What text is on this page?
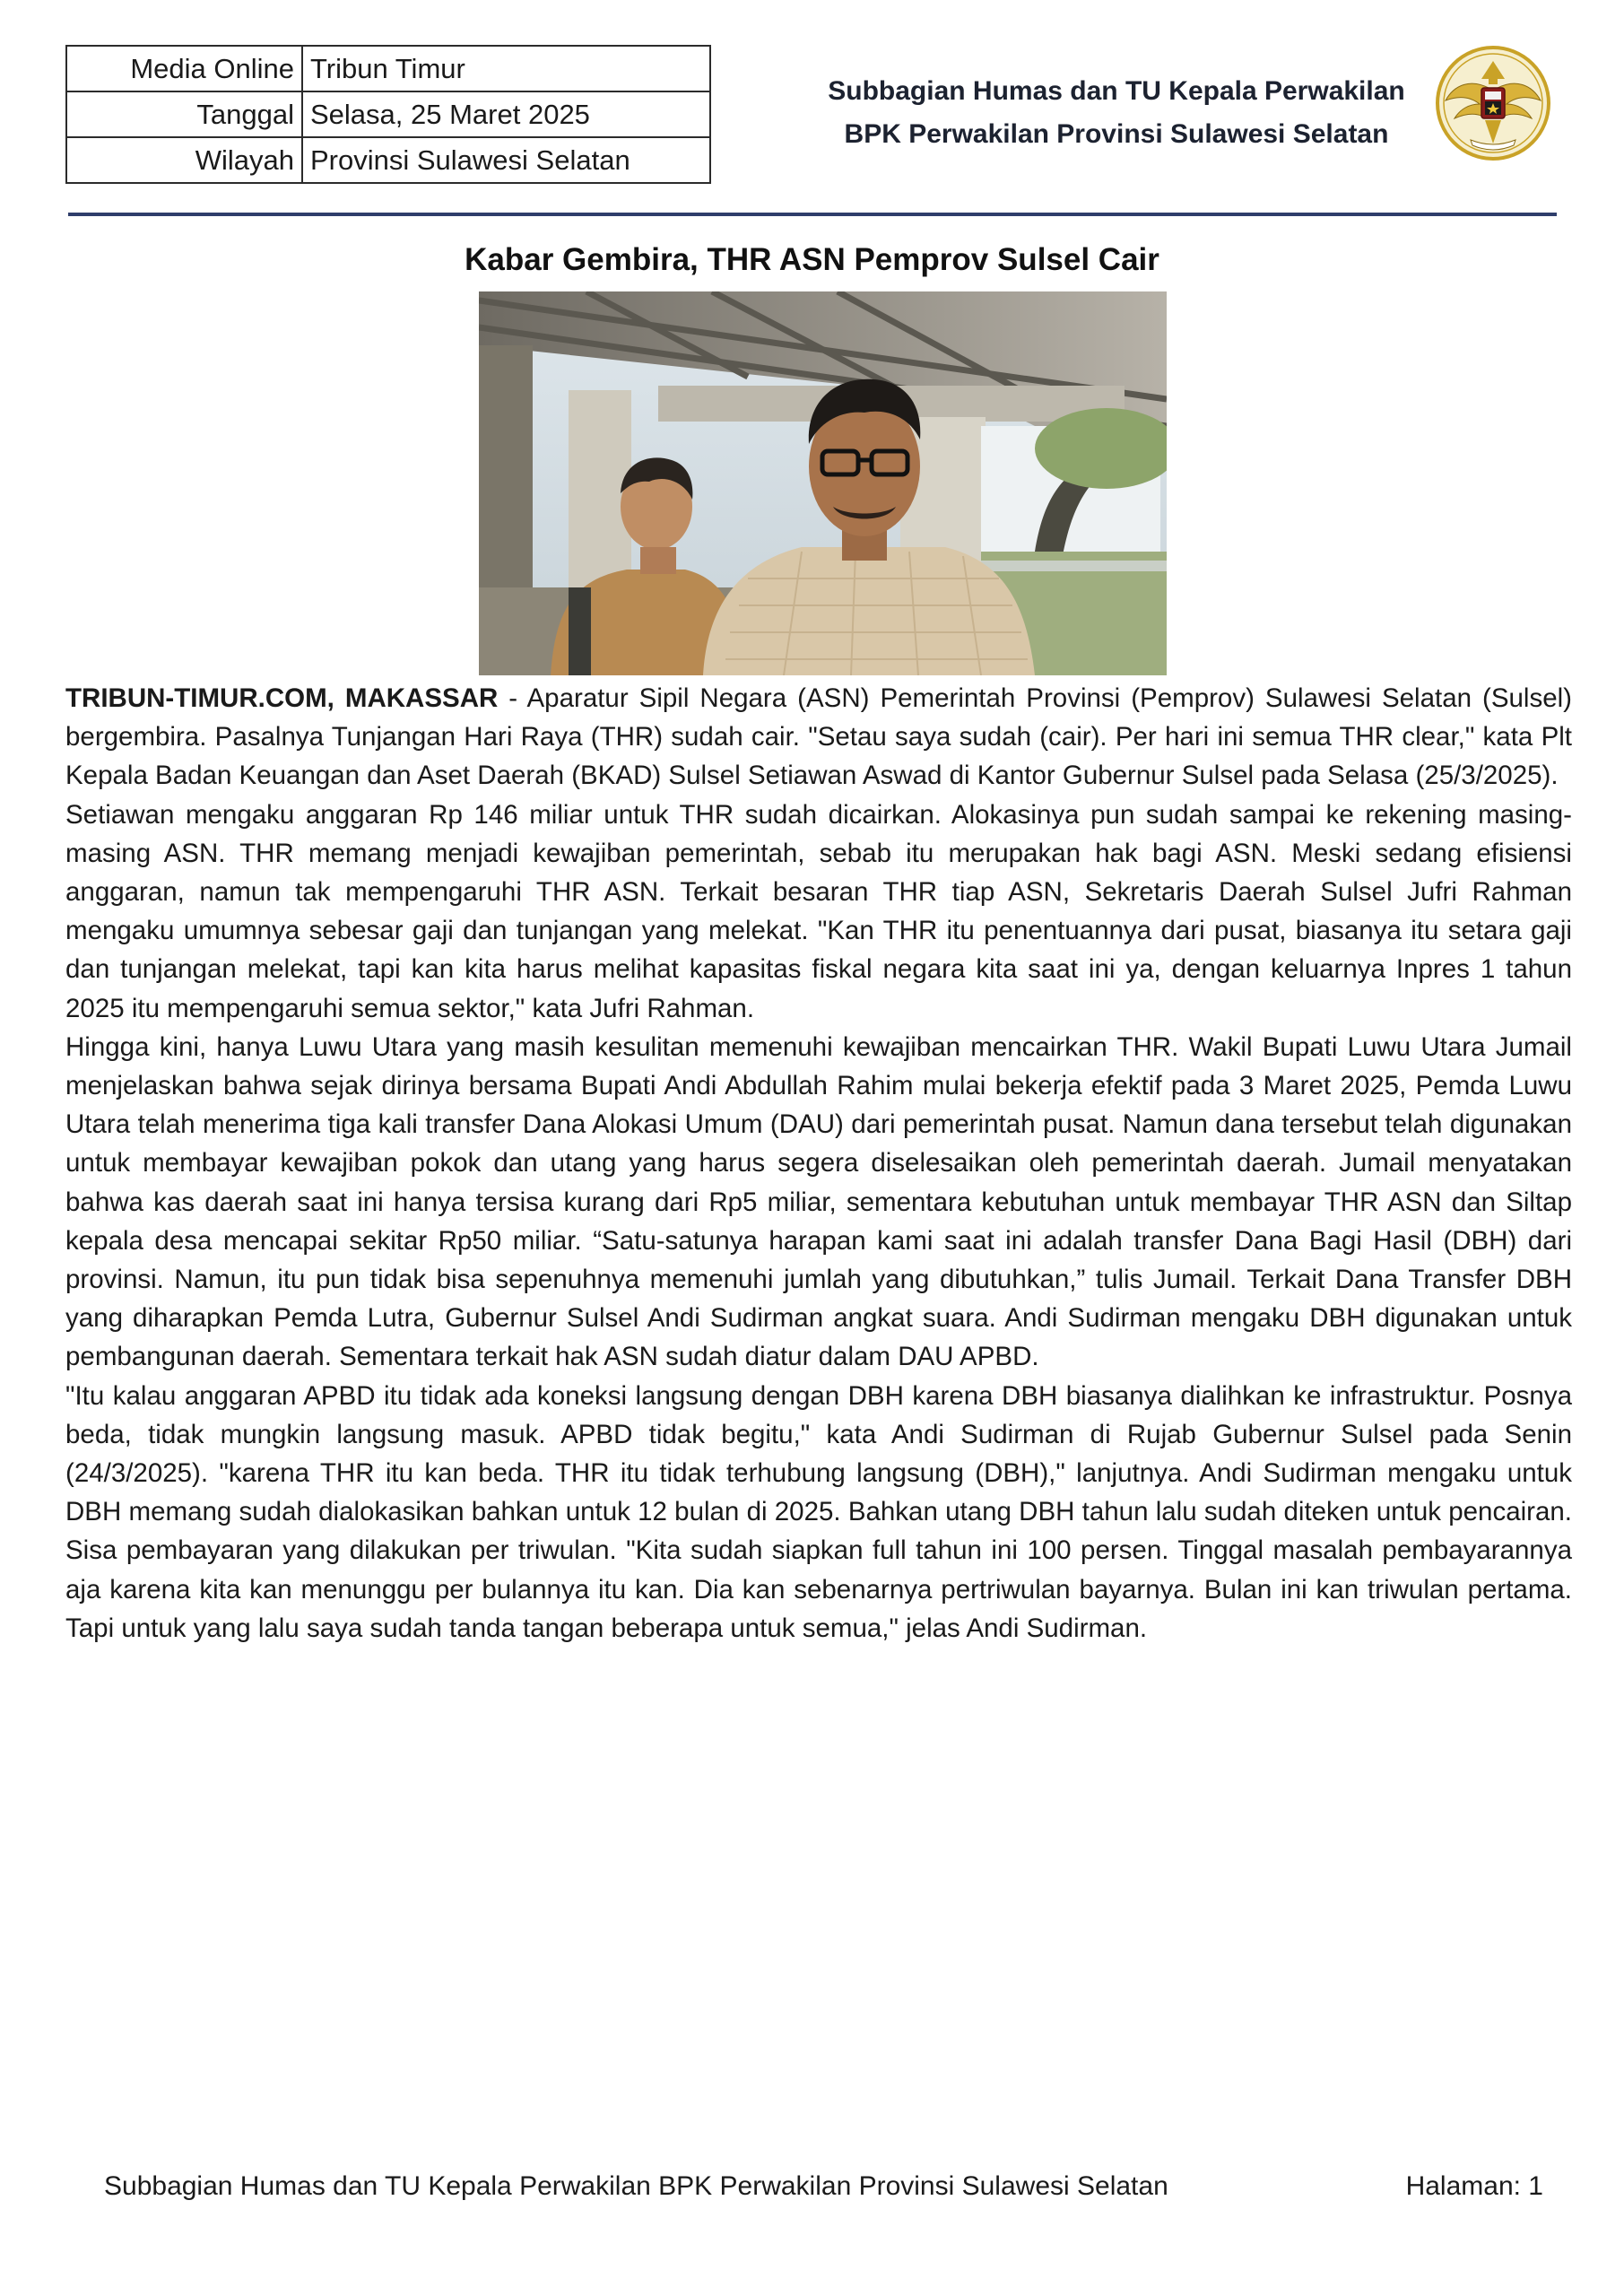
Media Online	Tribun Timur
Tanggal	Selasa, 25 Maret 2025
Wilayah	Provinsi Sulawesi Selatan
Subbagian Humas dan TU Kepala Perwakilan
BPK Perwakilan Provinsi Sulawesi Selatan
Kabar Gembira, THR ASN Pemprov Sulsel Cair

TRIBUN-TIMUR.COM, MAKASSAR - Aparatur Sipil Negara (ASN) Pemerintah Provinsi (Pemprov) Sulawesi Selatan (Sulsel) bergembira. Pasalnya Tunjangan Hari Raya (THR) sudah cair. "Setau saya sudah (cair). Per hari ini semua THR clear," kata Plt Kepala Badan Keuangan dan Aset Daerah (BKAD) Sulsel Setiawan Aswad di Kantor Gubernur Sulsel pada Selasa (25/3/2025).

Setiawan mengaku anggaran Rp 146 miliar untuk THR sudah dicairkan. Alokasinya pun sudah sampai ke rekening masing-masing ASN. THR memang menjadi kewajiban pemerintah, sebab itu merupakan hak bagi ASN. Meski sedang efisiensi anggaran, namun tak mempengaruhi THR ASN. Terkait besaran THR tiap ASN, Sekretaris Daerah Sulsel Jufri Rahman mengaku umumnya sebesar gaji dan tunjangan yang melekat. "Kan THR itu penentuannya dari pusat, biasanya itu setara gaji dan tunjangan melekat, tapi kan kita harus melihat kapasitas fiskal negara kita saat ini ya, dengan keluarnya Inpres 1 tahun 2025 itu mempengaruhi semua sektor," kata Jufri Rahman.

Hingga kini, hanya Luwu Utara yang masih kesulitan memenuhi kewajiban mencairkan THR. Wakil Bupati Luwu Utara Jumail menjelaskan bahwa sejak dirinya bersama Bupati Andi Abdullah Rahim mulai bekerja efektif pada 3 Maret 2025, Pemda Luwu Utara telah menerima tiga kali transfer Dana Alokasi Umum (DAU) dari pemerintah pusat. Namun dana tersebut telah digunakan untuk membayar kewajiban pokok dan utang yang harus segera diselesaikan oleh pemerintah daerah. Jumail menyatakan bahwa kas daerah saat ini hanya tersisa kurang dari Rp5 miliar, sementara kebutuhan untuk membayar THR ASN dan Siltap kepala desa mencapai sekitar Rp50 miliar. “Satu-satunya harapan kami saat ini adalah transfer Dana Bagi Hasil (DBH) dari provinsi. Namun, itu pun tidak bisa sepenuhnya memenuhi jumlah yang dibutuhkan,” tulis Jumail. Terkait Dana Transfer DBH yang diharapkan Pemda Lutra, Gubernur Sulsel Andi Sudirman angkat suara. Andi Sudirman mengaku DBH digunakan untuk pembangunan daerah. Sementara terkait hak ASN sudah diatur dalam DAU APBD.

"Itu kalau anggaran APBD itu tidak ada koneksi langsung dengan DBH karena DBH biasanya dialihkan ke infrastruktur. Posnya beda, tidak mungkin langsung masuk. APBD tidak begitu," kata Andi Sudirman di Rujab Gubernur Sulsel pada Senin (24/3/2025). "karena THR itu kan beda. THR itu tidak terhubung langsung (DBH)," lanjutnya. Andi Sudirman mengaku untuk DBH memang sudah dialokasikan bahkan untuk 12 bulan di 2025. Bahkan utang DBH tahun lalu sudah diteken untuk pencairan. Sisa pembayaran yang dilakukan per triwulan. "Kita sudah siapkan full tahun ini 100 persen. Tinggal masalah pembayarannya aja karena kita kan menunggu per bulannya itu kan. Dia kan sebenarnya pertriwulan bayarnya. Bulan ini kan triwulan pertama. Tapi untuk yang lalu saya sudah tanda tangan beberapa untuk semua," jelas Andi Sudirman.

Subbagian Humas dan TU Kepala Perwakilan BPK Perwakilan Provinsi Sulawesi Selatan	Halaman: 1
